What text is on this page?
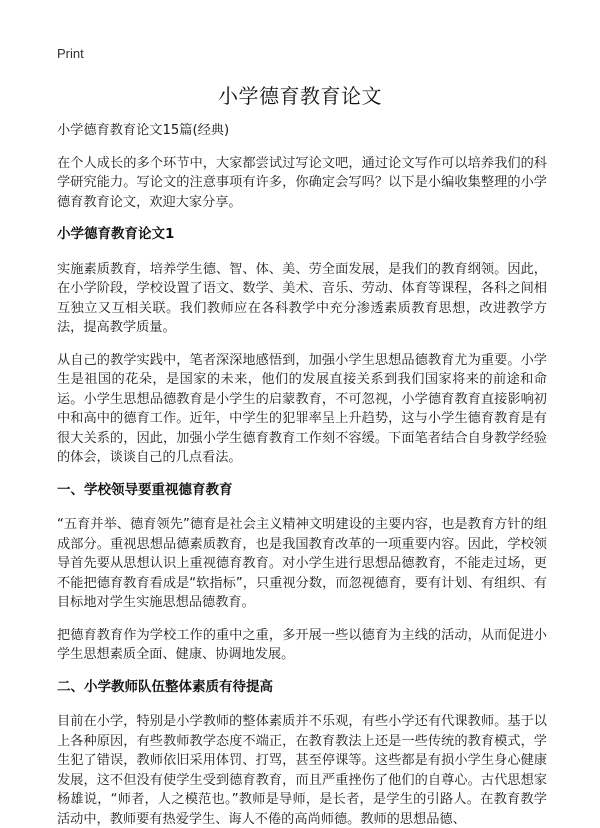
Print
小学德育教育论文

小学德育教育论文15篇(经典)

在个人成长的多个环节中，大家都尝试过写论文吧，通过论文写作可以培养我们的科学研究能力。写论文的注意事项有许多，你确定会写吗？以下是小编收集整理的小学德育教育论文，欢迎大家分享。

小学德育教育论文1

实施素质教育，培养学生德、智、体、美、劳全面发展，是我们的教育纲领。因此，在小学阶段，学校设置了语文、数学、美术、音乐、劳动、体育等课程，各科之间相互独立又互相关联。我们教师应在各科教学中充分渗透素质教育思想，改进教学方法，提高教学质量。

从自己的教学实践中，笔者深深地感悟到，加强小学生思想品德教育尤为重要。小学生是祖国的花朵，是国家的未来，他们的发展直接关系到我们国家将来的前途和命运。小学生思想品德教育是小学生的启蒙教育，不可忽视，小学德育教育直接影响初中和高中的德育工作。近年，中学生的犯罪率呈上升趋势，这与小学生德育教育是有很大关系的，因此，加强小学生德育教育工作刻不容缓。下面笔者结合自身教学经验的体会，谈谈自己的几点看法。

一、学校领导要重视德育教育

“五育并举、德育领先”德育是社会主义精神文明建设的主要内容，也是教育方针的组成部分。重视思想品德素质教育，也是我国教育改革的一项重要内容。因此，学校领导首先要从思想认识上重视德育教育。对小学生进行思想品德教育，不能走过场，更不能把德育教育看成是“软指标”，只重视分数，而忽视德育，要有计划、有组织、有目标地对学生实施思想品德教育。

把德育教育作为学校工作的重中之重，多开展一些以德育为主线的活动，从而促进小学生思想素质全面、健康、协调地发展。

二、小学教师队伍整体素质有待提高

目前在小学，特别是小学教师的整体素质并不乐观，有些小学还有代课教师。基于以上各种原因，有些教师教学态度不端正，在教育教法上还是一些传统的教育模式，学生犯了错误，教师依旧采用体罚、打骂，甚至停课等。这些都是有损小学生身心健康发展，这不但没有使学生受到德育教育，而且严重挫伤了他们的自尊心。古代思想家杨雄说，“师者，人之模范也。”教师是导师，是长者，是学生的引路人。在教育教学活动中，教师要有热爱学生、诲人不倦的高尚师德。教师的思想品德、
